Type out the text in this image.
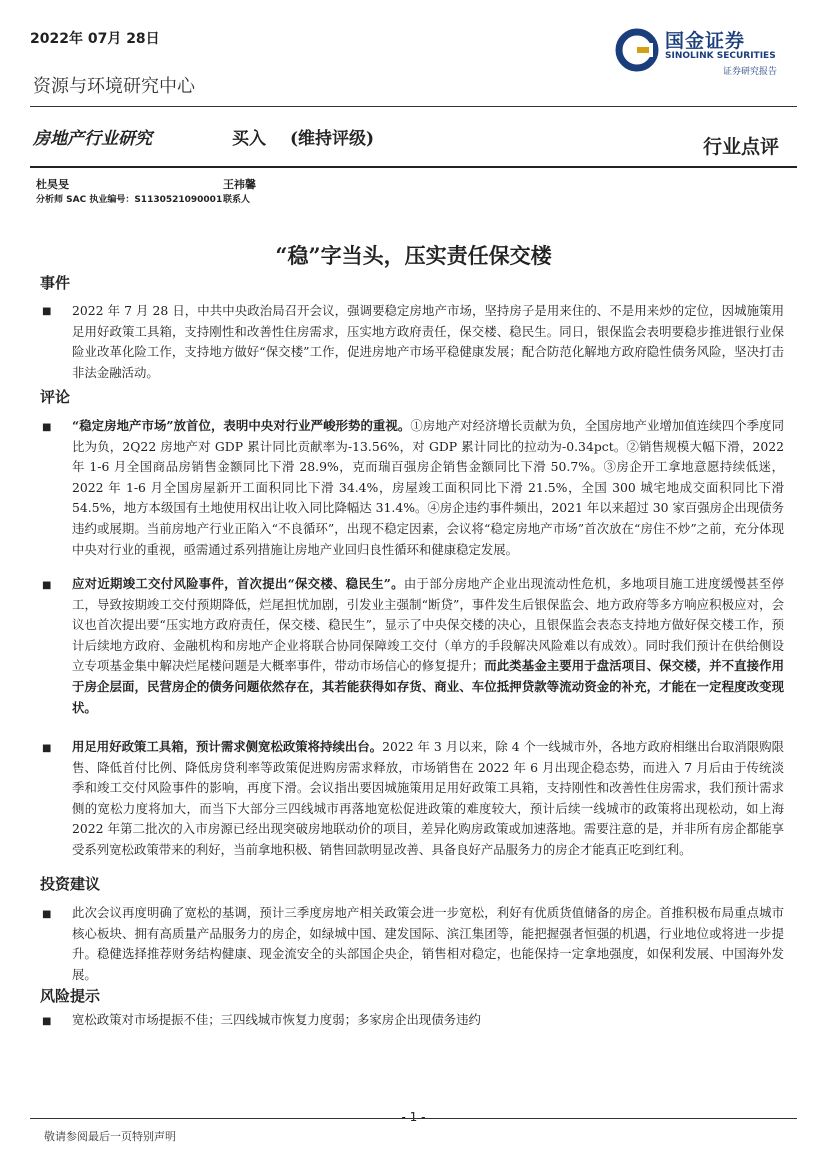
2022年 07月 28日	国金证券
SINOLINK SECURITIES
证券研究报告
资源与环境研究中心
房地产行业研究	买入 (维持评级)	行业点评
杜昊旻
分析师 SAC 执业编号：S1130521090001
王祎馨
联系人
“稳”字当头，压实责任保交楼
事件
■ 2022 年 7 月 28 日，中共中央政治局召开会议，强调要稳定房地产市场，坚持房子是用来住的、不是用来炒的定位，因城施策用足用好政策工具箱，支持刚性和改善性住房需求，压实地方政府责任，保交楼、稳民生。同日，银保监会表明要稳步推进银行业保险业改革化险工作，支持地方做好“保交楼”工作，促进房地产市场平稳健康发展；配合防范化解地方政府隐性债务风险，坚决打击非法金融活动。
评论
■ “稳定房地产市场”放首位，表明中央对行业严峻形势的重视。①房地产对经济增长贡献为负，全国房地产业增加值连续四个季度同比为负，2Q22 房地产对 GDP 累计同比贡献率为-13.56%，对 GDP 累计同比的拉动为-0.34pct。②销售规模大幅下滑，2022 年 1-6 月全国商品房销售金额同比下滑 28.9%，克而瑞百强房企销售金额同比下滑 50.7%。③房企开工拿地意愿持续低迷，2022 年 1-6 月全国房屋新开工面积同比下滑 34.4%，房屋竣工面积同比下滑 21.5%，全国 300 城宅地成交面积同比下滑 54.5%，地方本级国有土地使用权出让收入同比降幅达 31.4%。④房企违约事件频出，2021 年以来超过 30 家百强房企出现债务违约或展期。当前房地产行业正陷入“不良循环”，出现不稳定因素，会议将“稳定房地产市场”首次放在“房住不炒”之前，充分体现中央对行业的重视，亟需通过系列措施让房地产业回归良性循环和健康稳定发展。
■ 应对近期竣工交付风险事件，首次提出“保交楼、稳民生”。由于部分房地产企业出现流动性危机，多地项目施工进度缓慢甚至停工，导致按期竣工交付预期降低，烂尾担忧加剧，引发业主强制“断贷”，事件发生后银保监会、地方政府等多方响应积极应对，会议也首次提出要“压实地方政府责任，保交楼、稳民生”，显示了中央保交楼的决心，且银保监会表态支持地方做好保交楼工作，预计后续地方政府、金融机构和房地产企业将联合协同保障竣工交付（单方的手段解决风险难以有成效）。同时我们预计在供给侧设立专项基金集中解决烂尾楼问题是大概率事件，带动市场信心的修复提升；而此类基金主要用于盘活项目、保交楼，并不直接作用于房企层面，民营房企的债务问题依然存在，其若能获得如存货、商业、车位抵押贷款等流动资金的补充，才能在一定程度改变现状。
■ 用足用好政策工具箱，预计需求侧宽松政策将持续出台。2022 年 3 月以来，除 4 个一线城市外，各地方政府相继出台取消限购限售、降低首付比例、降低房贷利率等政策促进购房需求释放，市场销售在 2022 年 6 月出现企稳态势，而进入 7 月后由于传统淡季和竣工交付风险事件的影响，再度下滑。会议指出要因城施策用足用好政策工具箱，支持刚性和改善性住房需求，我们预计需求侧的宽松力度将加大，而当下大部分三四线城市再落地宽松促进政策的难度较大，预计后续一线城市的政策将出现松动，如上海 2022 年第二批次的入市房源已经出现突破房地联动价的项目，差异化购房政策或加速落地。需要注意的是，并非所有房企都能享受系列宽松政策带来的利好，当前拿地积极、销售回款明显改善、具备良好产品服务力的房企才能真正吃到红利。
投资建议
■ 此次会议再度明确了宽松的基调，预计三季度房地产相关政策会进一步宽松，利好有优质货值储备的房企。首推积极布局重点城市核心板块、拥有高质量产品服务力的房企，如绿城中国、建发国际、滨江集团等，能把握强者恒强的机遇，行业地位或将进一步提升。稳健选择推荐财务结构健康、现金流安全的头部国企央企，销售相对稳定，也能保持一定拿地强度，如保利发展、中国海外发展。
风险提示
■ 宽松政策对市场提振不佳；三四线城市恢复力度弱；多家房企出现债务违约
- 1 -
敬请参阅最后一页特别声明
